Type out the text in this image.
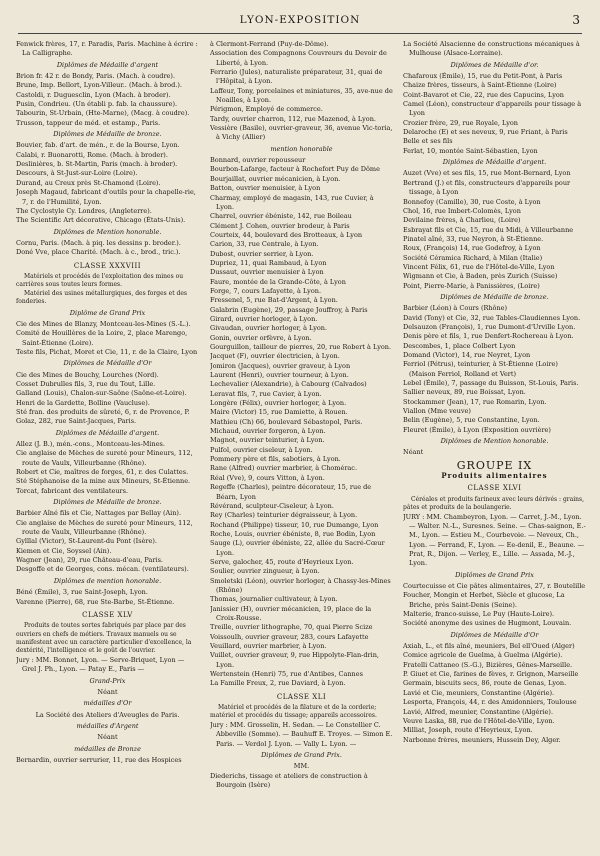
LYON-EXPOSITION	3
Fenwick frères, 17, r. Paradis, Paris. Machine à écrire : La Calligraphe.
Diplômes de Médaille d'argent
Brion fr. 42 r. de Bondy, Paris. (Mach. à coudre).
Brune, Imp. Bellort, Lyon-Villeur.. (Mach. à brod.).
Castoldi, r. Duguesclin, Lyon (Mach. à broder).
Pusin, Condrieu. (Un établi p. fab. la chaussure).
Tabourin, St-Urbain, (Hte-Marne), (Macg. à coudre).
Trusson, tappeur de méd. et estamp., Paris.
Diplômes de Médaille de bronze.
Bouvier, fab. d'art. de mén., r. de la Bourse, Lyon.
Calabi, r. Buonarotti, Rome. (Mach. à broder).
Deslinières, b. St-Martin, Paris (mach. à broder).
Descours, à St-Just-sur-Loire (Loire).
Durand, au Creux près St-Chamond (Loire).
Joseph Magaud, fabricant d'outils pour la chapelle-rie, 7, r. de l'Humilité, Lyon.
The Cyclostyle Cy. Londres, (Angleterre).
The Scientific Art décorative, Chicago (États-Unis).
Diplômes de Mention honorable.
Cornu, Paris. (Mach. à piq. les dessins p. broder.).
Doné Vve, place Charité. (Mach. à c., brod., tric.).
CLASSE XXXVIII
Matériels et procédés de l'exploitation des mines ou carrières sous toutes leurs formes.
Matériel des usines métallurgiques, des forges et des fonderies.
Diplôme de Grand Prix
Cie des Mines de Blanzy, Montceau-les-Mines (S.-L.).
Comité de Houillères de la Loire, 2, place Marengo, Saint-Étienne (Loire).
Teste fils, Pichat, Moret et Cie, 11, r. de la Claire, Lyon
Diplômes de Médaille d'Or
Cie des Mines de Bouchy, Lourches (Nord).
Cosset Dubrulles fils, 3, rue du Tout, Lille.
Galland (Louis), Chalon-sur-Saône (Saône-et-Loire).
Henri de la Gardette, Bolline (Vaucluse).
Sté fran. des produits de sûreté, 6, r. de Provence, P.
Golaz, 282, rue Saint-Jacques, Paris.
Diplômes de Médaille d'argent.
Allez (J. B.), mén.-cons., Montceau-les-Mines.
Cie anglaise de Mèches de sureté pour Mineurs, 112, route de Vaulx, Villeurbanne (Rhône).
Robert et Cie, maîtres de forges, 61, r. des Culattes.
Sté Stéphanoise de la mine aux Mineurs, St-Étienne.
Torcat, fabricant des ventilateurs.
Diplômes de Médaille de bronze.
Barbier Aîné fils et Cie, Nattages par Bellay (Ain).
Cie anglaise de Mèches de sureté pour Mineurs, 112, route de Vaulx, Villeurbanne (Rhône).
Gylllal (Victor), St-Laurent-du Pont (Isère).
Kiemen et Cie, Soyssel (Ain).
Wagner (Jean), 29, rue Château-d'eau, Paris.
Desgoffe et de Georges, cons. mécan. (ventilateurs).
Diplômes de mention honorable.
Béné (Émile), 3, rue Saint-Joseph, Lyon.
Varenne (Pierre), 68, rue Ste-Barbe, St-Étienne.
CLASSE XLV
Produits de toutes sortes fabriqués par place par des ouvriers en chefs de métiers. Travaux manuels ou se manifestent avec un caractère particulier d'excellence, la dextérité, l'intelligence et le goût de l'ouvrier.
Jury : MM. Bonnet, Lyon. — Serve-Briquet, Lyon — Grel J. Ph., Lyon. — Patay E., Paris —
Grand-Prix
Néant
médailles d'Or
La Société des Ateliers d'Aveugles de Paris.
médailles d'Argent
Néant
médailles de Bronze
Bernardin, ouvrier serrurier, 11, rue des Hospices
à Clermont-Ferrand (Puy-de-Dôme).
Association des Compagnons Couvreurs du Devoir de Liberté, à Lyon.
Ferrario (Jules), naturaliste préparateur, 31, quai de l'Hôpital, à Lyon.
Laffeur, Tony, porcelaines et miniatures, 35, ave-nue de Noailles, à Lyon.
Périgmon, Employé de commerce.
Tardy, ouvrier charron, 112, rue Mazenod, à Lyon.
Vessière (Basile), ouvrier-graveur, 36, avenue Vic-toria, à Vichy (Allier)
mention honorable
Bonnard, ouvrier repousseur
Bourbon-Lafarge, facteur à Rochefort Puy de Dôme
Bourjaillat, ouvrier mécanicien, à Lyon.
Batton, ouvrier menuisier, à Lyon
Charmay, employé de magasin, 143, rue Cuvier, à Lyon.
Charrel, ouvrier ébéniste, 142, rue Boileau
Clément J. Cohen, ouvrier brodeur, à Paris
Courteix, 44, boulevard des Brotteaux, à Lyon
Carion, 33, rue Centrale, à Lyon.
Dubost, ouvrier serrier, à Lyon.
Dupriez, 11, quai Rambaud, à Lyon
Dussaut, ouvrier menuisier à Lyon
Faure, montée de la Grande-Côte, à Lyon
Forge, 7, cours Lafayette, à Lyon.
Fressenel, 5, rue Bat-d'Argent, à Lyon.
Galabrin (Eugène), 29, passage Jouffroy, à Paris
Girard, ouvrier horloger, à Lyon.
Givaudan, ouvrier horloger, à Lyon.
Gonin, ouvrier orfèvre, à Lyon.
Gourguillon, tailleur de pierres, 20, rue Robert à Lyon.
Jacquet (F), ouvrier électricien, à Lyon.
Jomiron (Jacques), ouvrier graveur, à Lyon
Laurent (Henri), ouvrier tourneur, à Lyon.
Lechevalier (Alexandrie), à Cabourg (Calvados)
Leravat fils, 7, rue Cavier, à Lyon.
Longère (Félix), ouvrier horloger, à Lyon.
Maire (Victor) 15, rue Damiette, à Rouen.
Mathieu (Ch) 66, boulevard Sébastopol, Paris.
Michaud, ouvrier forgeron, à Lyon.
Magnot, ouvrier teinturier, à Lyon.
Pulfol, ouvrier ciseleur, à Lyon.
Pommery père et fils, sabotiers, à Lyon.
Rane (Alfred) ouvrier marbrier, à Chomérac.
Réal (Vve), 9, cours Vitton, à Lyon.
Regeffe (Charles), peintre décorateur, 15, rue de Béarn, Lyon
Révérand, sculpteur-Ciseleur, à Lyon.
Rey (Charles) teinturier dégraisseur, à Lyon.
Rochand (Philippe) tisseur, 10, rue Dumange, Lyon
Roche, Louis, ouvrier ébéniste, 8, rue Bodin, Lyon
Sauge (L), ouvrier ébéniste, 22, allée du Sacré-Cœur Lyon.
Serve, galocher, 45, route d'Heyrieux Lyon.
Soulier, ouvrier zingueur, à Lyon.
Smoletski (Léon), ouvrier horloger, à Chassy-les-Mines (Rhône)
Thomas, journalier cultivateur, à Lyon.
Janissier (H), ouvrier mécanicien, 19, place de la Croix-Rousse.
Treille, ouvrier lithographe, 70, quai Pierre Scize
Voissoulh, ouvrier graveur, 283, cours Lafayette
Veuillard, ouvrier marbrier, à Lyon.
Vuillet, ouvrier graveur, 9, rue Hippolyte-Flan-drin, Lyon.
Wertenstein (Henri) 75, rue d'Antibes, Cannes
La Famille Freux, 2, rue Daviard, à Lyon.
CLASSE XLI
Matériel et procédés de la filature et de la corderie; matériel et procédés du tissage; appareils accessoires.
Jury : MM. Grosselin, H. Sedan. — Le Constellier C. Abbeville (Somme). — Bauhuff E. Troyes. — Simon E. Paris. — Verdol J. Lyon. — Vally L. Lyon. —
Diplômes de Grand Prix.
MM.
Diederichs, tissage et ateliers de construction à Bourgoin (Isère)
La Société Alsacienne de constructions mécaniques à Mulhouse (Alsace-Lorraine).
Diplômes de Médaille d'or.
Chafaroux (Émile), 15, rue du Petit-Pont, à Paris
Chaize frères, tisseurs, à Saint-Étienne (Loire)
Coint-Bavarot et Cie, 22, rue des Capucins, Lyon
Camel (Léon), constructeur d'appareils pour tissage à Lyon
Crozier frère, 29, rue Royale, Lyon
Delaroche (E) et ses neveux, 9, rue Friant, à Paris
Belle et ses fils
Ferlat, 10, montée Saint-Sébastien, Lyon
Diplômes de Médaille d'argent.
Auzet (Vve) et ses fils, 15, rue Mont-Bernard, Lyon
Bertrand (J.) et fils, constructeurs d'appareils pour tissage, à Lyon
Bonnefoy (Camille), 30, rue Coste, à Lyon
Chol, 16, rue Imbert-Colomès, Lyon
Devilaine frères, à Charlieu, (Loire)
Esbrayat fils et Cie, 15, rue du Midi, à Villeurbanne
Pinatel aîné, 33, rue Neyron, à St-Étienne.
Roux, (François) 14, rue Godefroy, à Lyon
Société Céramica Richard, à Milan (Italie)
Vincent Félix, 61, rue de l'Hôtel-de-Ville, Lyon
Wigmann et Cie, à Baden, près Zurich (Suisse)
Point, Pierre-Marie, à Panissières, (Loire)
Diplômes de Médaille de bronze.
Barbier (Léon) à Cours (Rhône)
David (Tony) et Cie, 32, rue Tables-Claudiennes Lyon.
Delsauzon (François), 1, rue Dumont-d'Urville Lyon.
Denis père et fils, 1, rue Denfert-Rochereau à Lyon.
Descombes, 1, place Colbert Lyon
Domand (Victor), 14, rue Neyret, Lyon
Ferriol (Pétrus), teinturier, à St-Étienne (Loire) (Maison Ferriol, Rolland et Vert)
Lebel (Émile), 7, passage du Buisson, St-Louis, Paris.
Sallier neveux, 89, rue Boissat, Lyon.
Stockammer (Jean), 17, rue Romarin, Lyon.
Viallon (Mme veuve)
Belin (Eugène), 5, rue Constantine, Lyon.
Fleuret (Émile), à Lyon (Exposition ouvrière)
Diplômes de Mention honorable.
Néant
GROUPE IX
Produits alimentaires
CLASSE XLVI
Céréales et produits farineux avec leurs dérivés : grains, pâtes et produits de la boulangerie.
JURY : MM. Chambeyron, Lyon. — Carret, J.-M., Lyon. — Walter. N.-L., Suresnes. Seine. — Chas-saignon, E.-M., Lyon. — Estieu M., Courbevoie. — Neveux, Ch., Lyon. — Ferrand, F., Lyon. — Ee-denil, E., Beaune. — Prat, R., Dijon. — Verley, E., Lille. — Assada, M.-J., Lyon.
Diplômes de Grand Prix
Courtecuisse et Cie pâtes alimentaires, 27, r. Boutelille
Foucher, Mongin et Herbet, Siècle et glucose, La Briche, près Saint-Denis (Seine).
Malterie, franco-suisse, Le Puy (Haute-Loire).
Société anonyme des usines de Hugmont, Louvain.
Diplômes de Médaille d'Or
Axiah, L., et fils aîné, meuniers, Bel ell'Oued (Alger)
Comice agricole de Guelma, à Guelma (Algérie).
Fratelli Cattaneo (S.-G.), Bizières, Gênes-Marseille.
P. Giuet et Cie, farines de fèves, r. Grignon, Marseille
Germain, biscuits secs, 86, route de Genas, Lyon.
Lavié et Cie, meuniers, Constantine (Algérie).
Lesporta, François, 44, r. des Amidonniers, Toulouse
Lavié, Alfred, meunier, Constantine (Algérie).
Veuve Laska, 88, rue de l'Hôtel-de-Ville, Lyon.
Milliat, Joseph, route d'Heyrieux, Lyon.
Narbonne frères, meuniers, Hussein Dey, Alger.
